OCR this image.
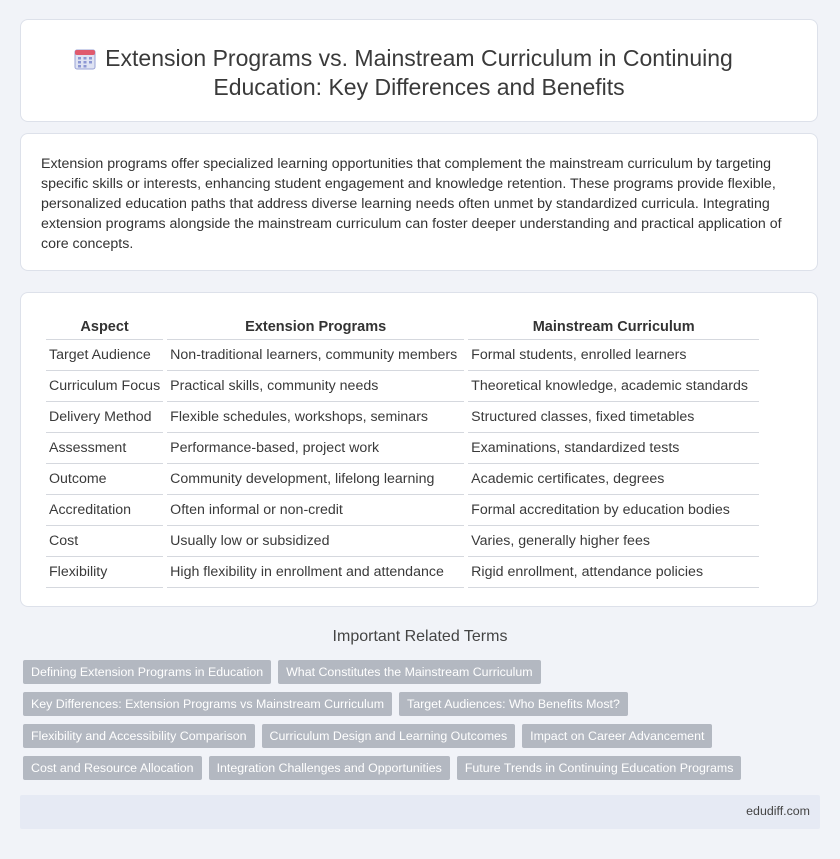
Extension Programs vs. Mainstream Curriculum in Continuing Education: Key Differences and Benefits

Extension programs offer specialized learning opportunities that complement the mainstream curriculum by targeting specific skills or interests, enhancing student engagement and knowledge retention. These programs provide flexible, personalized education paths that address diverse learning needs often unmet by standardized curricula. Integrating extension programs alongside the mainstream curriculum can foster deeper understanding and practical application of core concepts.

Aspect	Extension Programs	Mainstream Curriculum
Target Audience	Non-traditional learners, community members	Formal students, enrolled learners
Curriculum Focus	Practical skills, community needs	Theoretical knowledge, academic standards
Delivery Method	Flexible schedules, workshops, seminars	Structured classes, fixed timetables
Assessment	Performance-based, project work	Examinations, standardized tests
Outcome	Community development, lifelong learning	Academic certificates, degrees
Accreditation	Often informal or non-credit	Formal accreditation by education bodies
Cost	Usually low or subsidized	Varies, generally higher fees
Flexibility	High flexibility in enrollment and attendance	Rigid enrollment, attendance policies
Important Related Terms
Defining Extension Programs in Education	What Constitutes the Mainstream Curriculum
Key Differences: Extension Programs vs Mainstream Curriculum	Target Audiences: Who Benefits Most?
Flexibility and Accessibility Comparison	Curriculum Design and Learning Outcomes	Impact on Career Advancement
Cost and Resource Allocation	Integration Challenges and Opportunities	Future Trends in Continuing Education Programs
edudiff.com
